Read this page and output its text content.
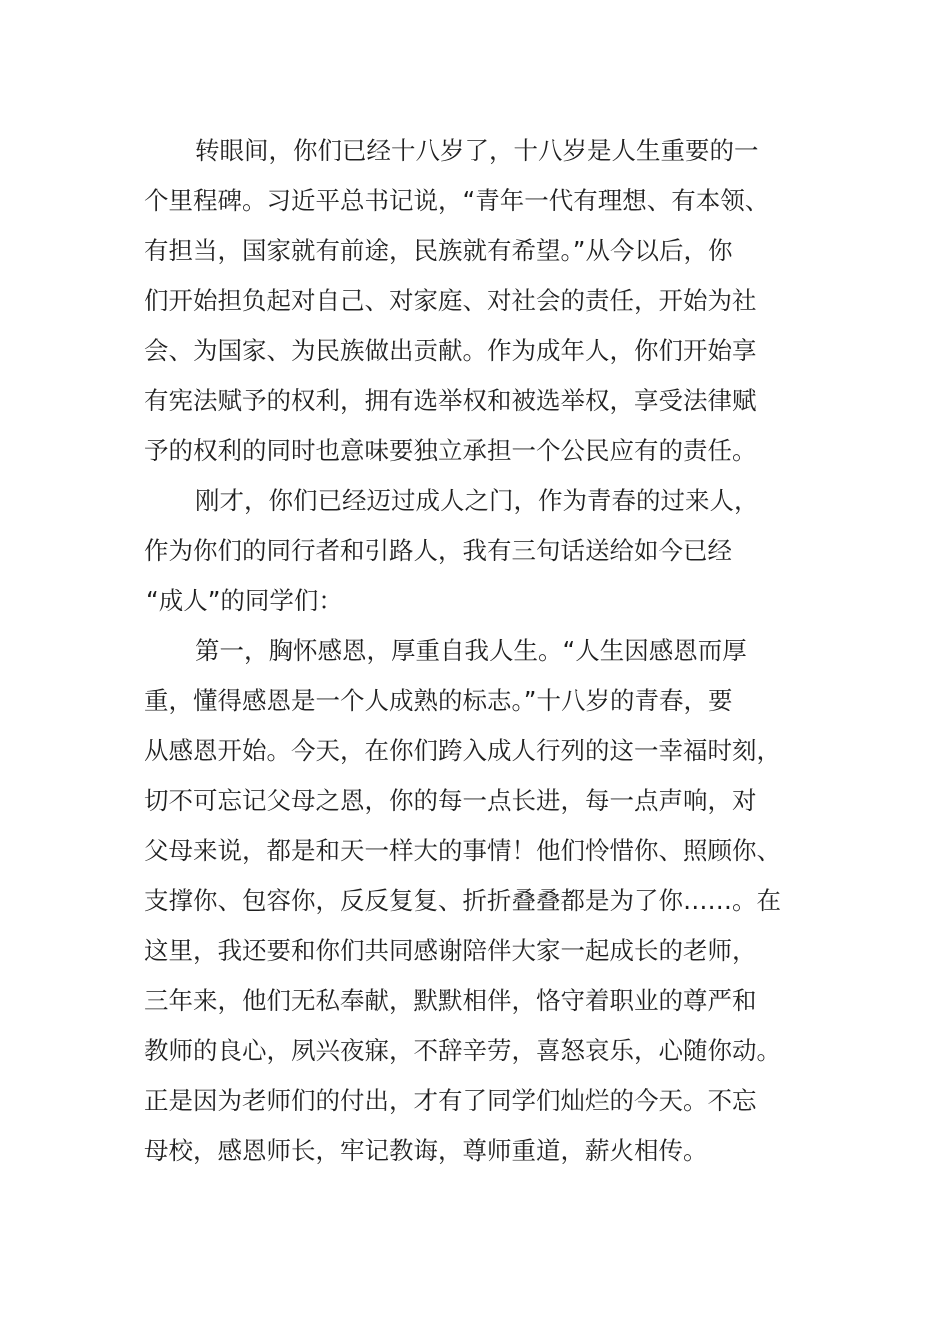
转眼间，你们已经十八岁了，十八岁是人生重要的一
个里程碑。习近平总书记说，“青年一代有理想、有本领、
有担当，国家就有前途，民族就有希望。”从今以后，你
们开始担负起对自己、对家庭、对社会的责任，开始为社
会、为国家、为民族做出贡献。作为成年人，你们开始享
有宪法赋予的权利，拥有选举权和被选举权，享受法律赋
予的权利的同时也意味要独立承担一个公民应有的责任。
刚才，你们已经迈过成人之门，作为青春的过来人，
作为你们的同行者和引路人，我有三句话送给如今已经
“成人”的同学们：
第一，胸怀感恩，厚重自我人生。“人生因感恩而厚
重，懂得感恩是一个人成熟的标志。”十八岁的青春，要
从感恩开始。今天，在你们跨入成人行列的这一幸福时刻，
切不可忘记父母之恩，你的每一点长进，每一点声响，对
父母来说，都是和天一样大的事情！他们怜惜你、照顾你、
支撑你、包容你，反反复复、折折叠叠都是为了你……。在
这里，我还要和你们共同感谢陪伴大家一起成长的老师，
三年来，他们无私奉献，默默相伴，恪守着职业的尊严和
教师的良心，夙兴夜寐，不辞辛劳，喜怒哀乐，心随你动。
正是因为老师们的付出，才有了同学们灿烂的今天。不忘
母校，感恩师长，牢记教诲，尊师重道，薪火相传。
